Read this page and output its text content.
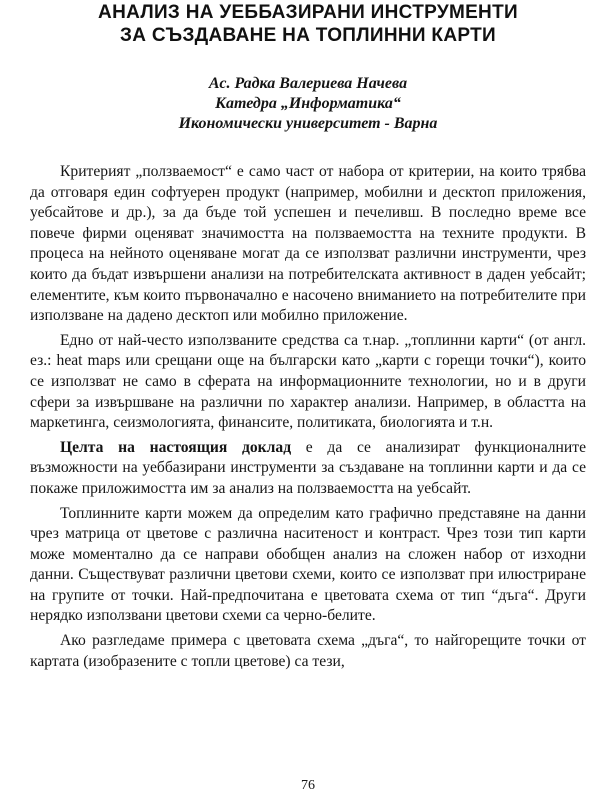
АНАЛИЗ НА УЕББАЗИРАНИ ИНСТРУМЕНТИ
ЗА СЪЗДАВАНЕ НА ТОПЛИННИ КАРТИ
Ас. Радка Валериева Начева
Катедра „Информатика“
Икономически университет - Варна

Критерият „ползваемост“ е само част от набора от критерии, на които трябва да отговаря един софтуерен продукт (например, мобилни и десктоп приложения, уебсайтове и др.), за да бъде той успешен и печеливш. В последно време все повече фирми оценяват значимостта на ползваемостта на техните продукти. В процеса на нейното оценяване могат да се използват различни инструменти, чрез които да бъдат извършени анализи на потребителската активност в даден уебсайт; елементите, към които първоначално е насочено вниманието на потребителите при използване на дадено десктоп или мобилно приложение.

Едно от най-често използваните средства са т.нар. „топлинни карти“ (от англ. ез.: heat maps или срещани още на български като „карти с горещи точки“), които се използват не само в сферата на информационните технологии, но и в други сфери за извършване на различни по характер анализи. Например, в областта на маркетинга, сеизмологията, финансите, политиката, биологията и т.н.

Целта на настоящия доклад е да се анализират функционалните възможности на уеббазирани инструменти за създаване на топлинни карти и да се покаже приложимостта им за анализ на ползваемостта на уебсайт.

Топлинните карти можем да определим като графично представяне на данни чрез матрица от цветове с различна наситеност и контраст. Чрез този тип карти може моментално да се направи обобщен анализ на сложен набор от изходни данни. Съществуват различни цветови схеми, които се използват при илюстриране на групите от точки. Най-предпочитана е цветовата схема от тип “дъга“. Други нерядко използвани цветови схеми са черно-белите.

Ако разгледаме примера с цветовата схема „дъга“, то найгорещите точки от картата (изобразените с топли цветове) са тези,

76
